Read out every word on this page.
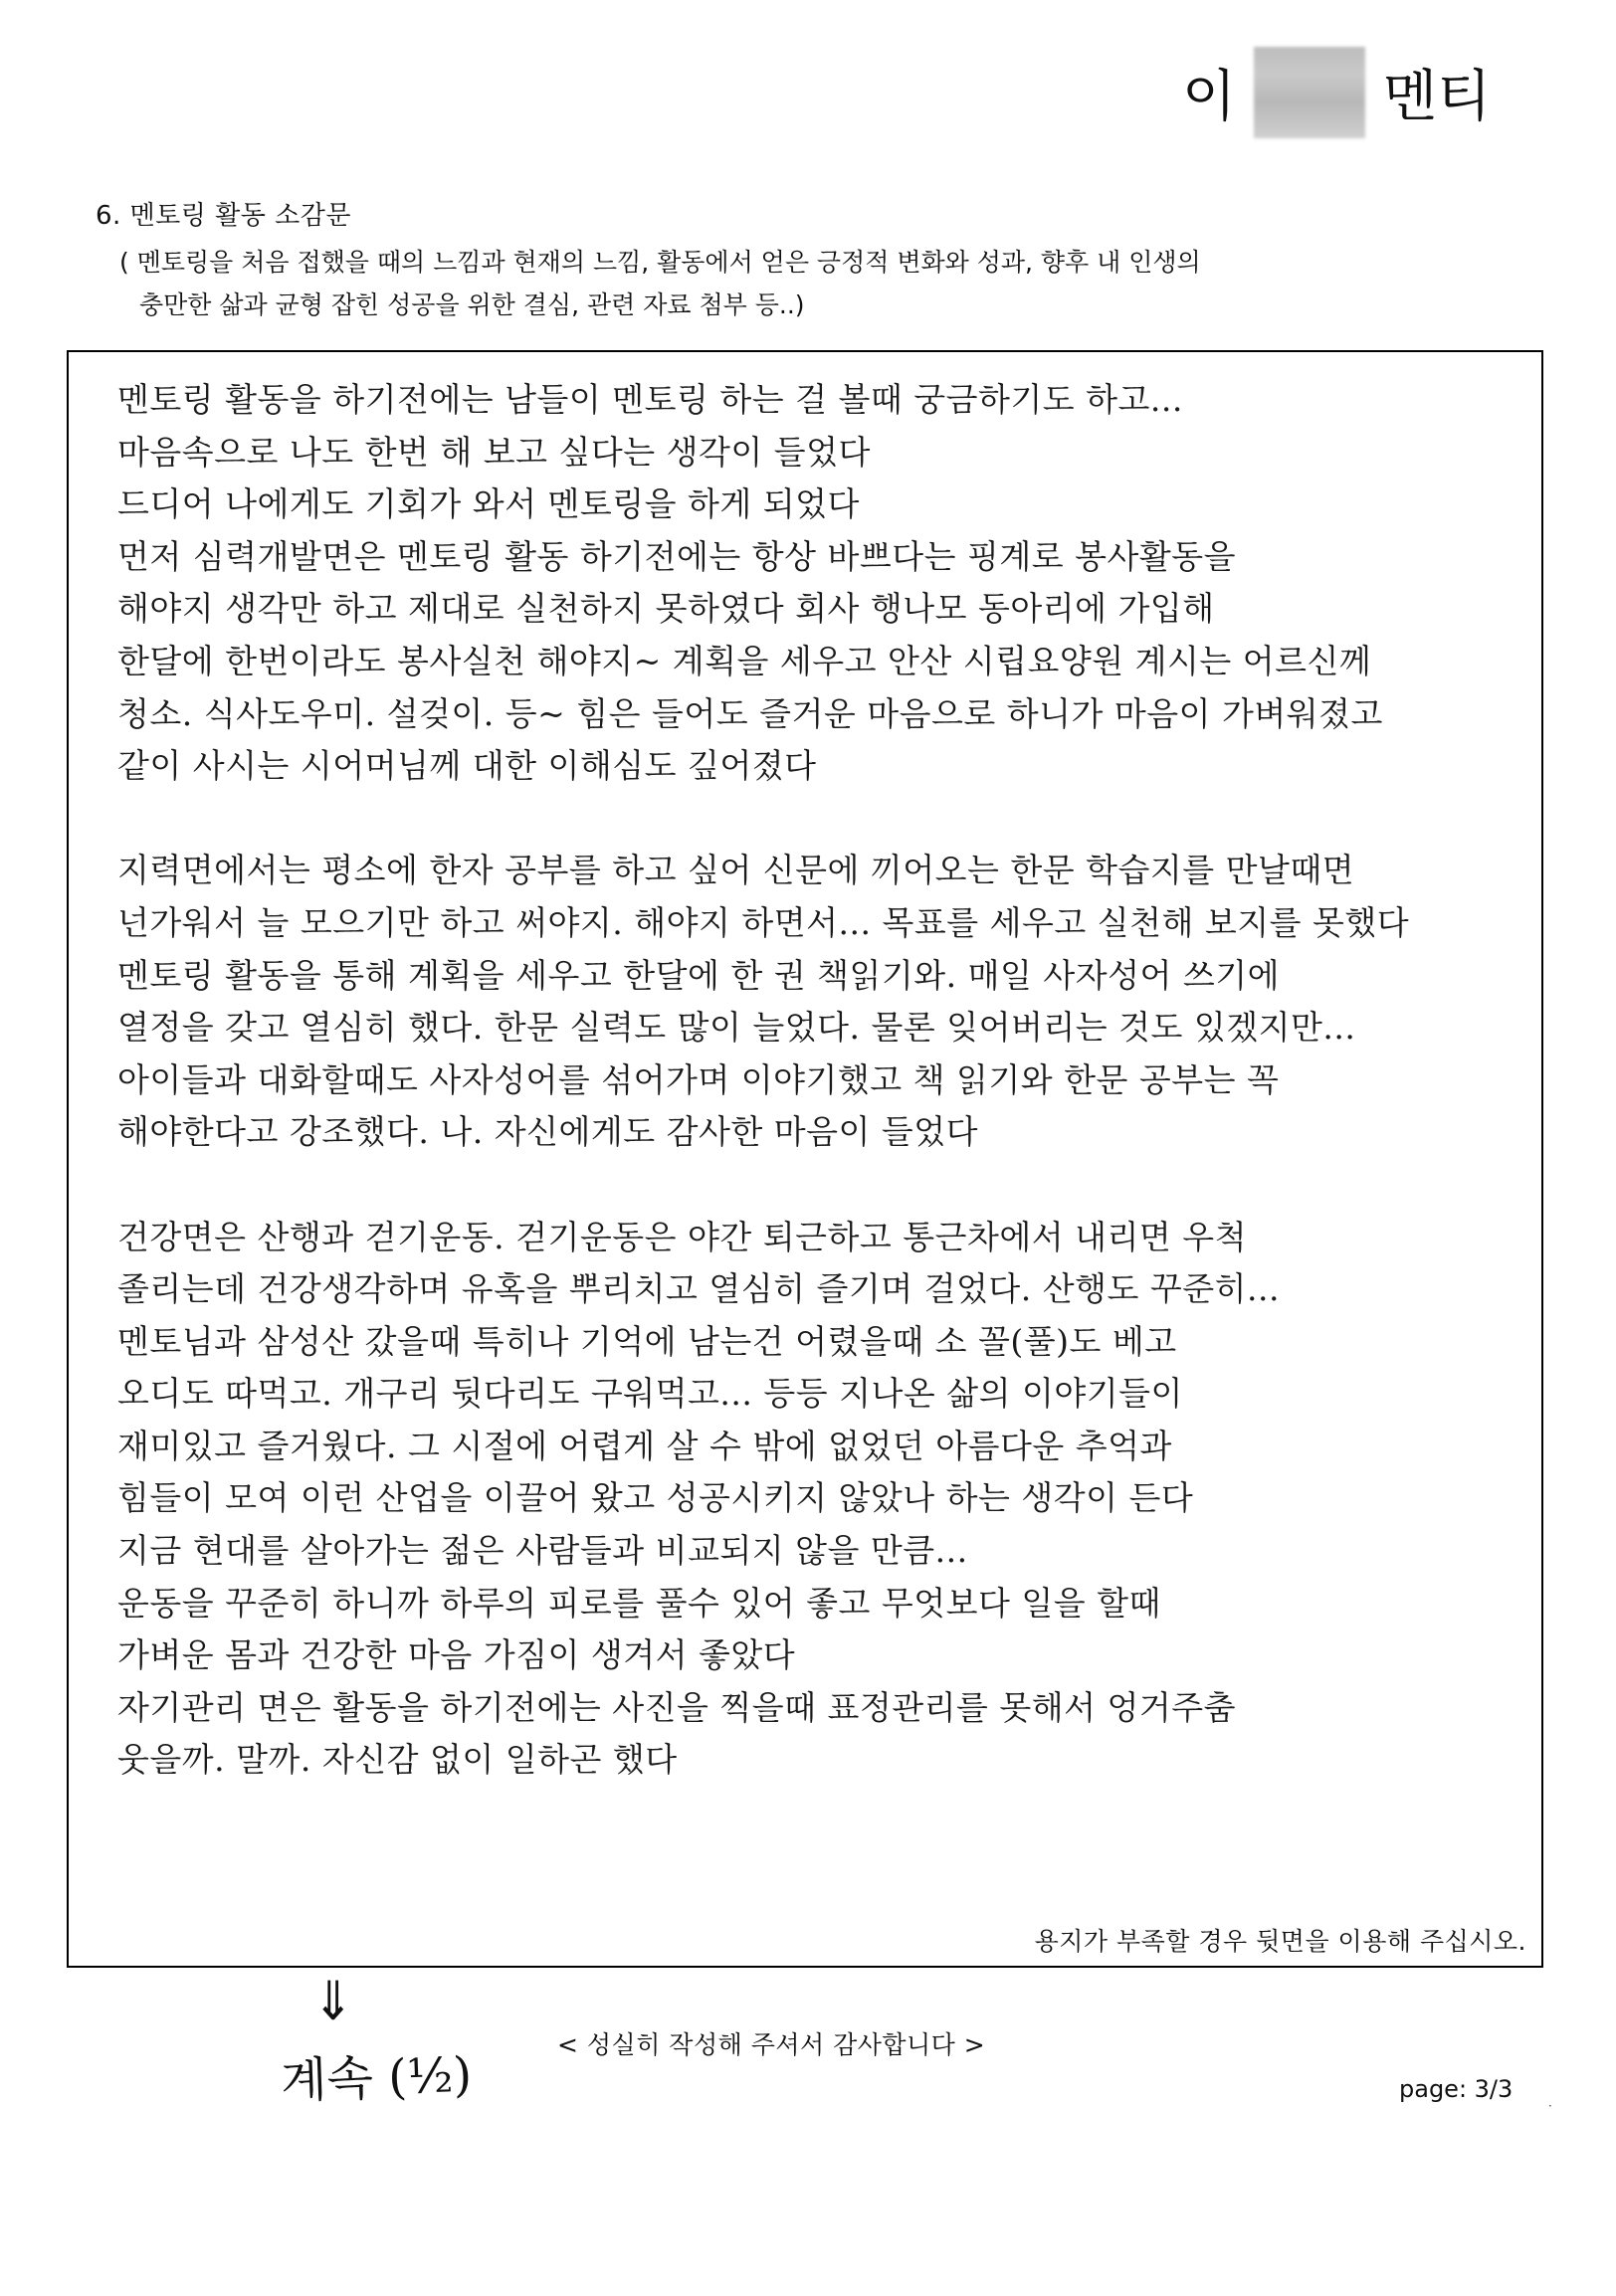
이	멘티
6. 멘토링 활동 소감문
( 멘토링을 처음 접했을 때의 느낌과 현재의 느낌, 활동에서 얻은 긍정적 변화와 성과, 향후 내 인생의
충만한 삶과 균형 잡힌 성공을 위한 결심, 관련 자료 첨부 등..)
멘토링 활동을 하기전에는 남들이 멘토링 하는 걸 볼때 궁금하기도 하고...
마음속으로 나도 한번 해 보고 싶다는 생각이 들었다
드디어 나에게도 기회가 와서 멘토링을 하게 되었다
먼저 심력개발면은 멘토링 활동 하기전에는 항상 바쁘다는 핑계로 봉사활동을
해야지 생각만 하고 제대로 실천하지 못하였다 회사 행나모 동아리에 가입해
한달에 한번이라도 봉사실천 해야지~ 계획을 세우고 안산 시립요양원 계시는 어르신께
청소. 식사도우미. 설겆이. 등~ 힘은 들어도 즐거운 마음으로 하니가 마음이 가벼워졌고
같이 사시는 시어머님께 대한 이해심도 깊어졌다
지력면에서는 평소에 한자 공부를 하고 싶어 신문에 끼어오는 한문 학습지를 만날때면
넌가워서 늘 모으기만 하고 써야지. 해야지 하면서... 목표를 세우고 실천해 보지를 못했다
멘토링 활동을 통해 계획을 세우고 한달에 한 권 책읽기와. 매일 사자성어 쓰기에
열정을 갖고 열심히 했다. 한문 실력도 많이 늘었다. 물론 잊어버리는 것도 있겠지만...
아이들과 대화할때도 사자성어를 섞어가며 이야기했고 책 읽기와 한문 공부는 꼭
해야한다고 강조했다. 나. 자신에게도 감사한 마음이 들었다
건강면은 산행과 걷기운동. 걷기운동은 야간 퇴근하고 통근차에서 내리면 우척
졸리는데 건강생각하며 유혹을 뿌리치고 열심히 즐기며 걸었다. 산행도 꾸준히...
멘토님과 삼성산 갔을때 특히나 기억에 남는건 어렸을때 소 꼴(풀)도 베고
오디도 따먹고. 개구리 뒷다리도 구워먹고... 등등 지나온 삶의 이야기들이
재미있고 즐거웠다. 그 시절에 어렵게 살 수 밖에 없었던 아름다운 추억과
힘들이 모여 이런 산업을 이끌어 왔고 성공시키지 않았나 하는 생각이 든다
지금 현대를 살아가는 젊은 사람들과 비교되지 않을 만큼...
운동을 꾸준히 하니까 하루의 피로를 풀수 있어 좋고 무엇보다 일을 할때
가벼운 몸과 건강한 마음 가짐이 생겨서 좋았다
자기관리 면은 활동을 하기전에는 사진을 찍을때 표정관리를 못해서 엉거주춤
웃을까. 말까. 자신감 없이 일하곤 했다
용지가 부족할 경우 뒷면을 이용해 주십시오.
⇓
계속 (½)
< 성실히 작성해 주셔서 감사합니다 >
page: 3/3
·
